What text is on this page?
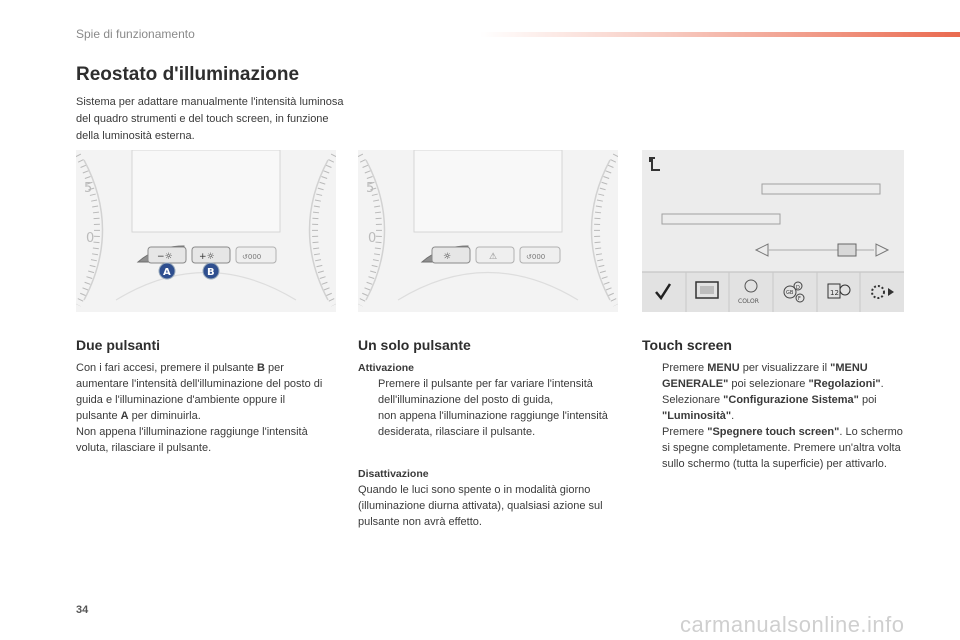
Spie di funzionamento
Reostato d'illuminazione

Sistema per adattare manualmente l'intensità luminosa del quadro strumenti e del touch screen, in funzione della luminosità esterna.

5
0
−☼	+☼	↺000
A	B
5
0
☼	⚠	↺000
COLOR
D
GB
F
12
Due pulsanti

Con i fari accesi, premere il pulsante B per aumentare l'intensità dell'illuminazione del posto di guida e l'illuminazione d'ambiente oppure il pulsante A per diminuirla.
Non appena l'illuminazione raggiunge l'intensità voluta, rilasciare il pulsante.

Un solo pulsante

Attivazione

Premere il pulsante per far variare l'intensità dell'illuminazione del posto di guida,
non appena l'illuminazione raggiunge l'intensità desiderata, rilasciare il pulsante.

Disattivazione

Quando le luci sono spente o in modalità giorno (illuminazione diurna attivata), qualsiasi azione sul pulsante non avrà effetto.

Touch screen
Premere MENU per visualizzare il "MENU GENERALE" poi selezionare "Regolazioni".
Selezionare "Configurazione Sistema" poi "Luminosità".
Premere "Spegnere touch screen". Lo schermo si spegne completamente. Premere un'altra volta sullo schermo (tutta la superficie) per attivarlo.
34
carmanualsonline.info
